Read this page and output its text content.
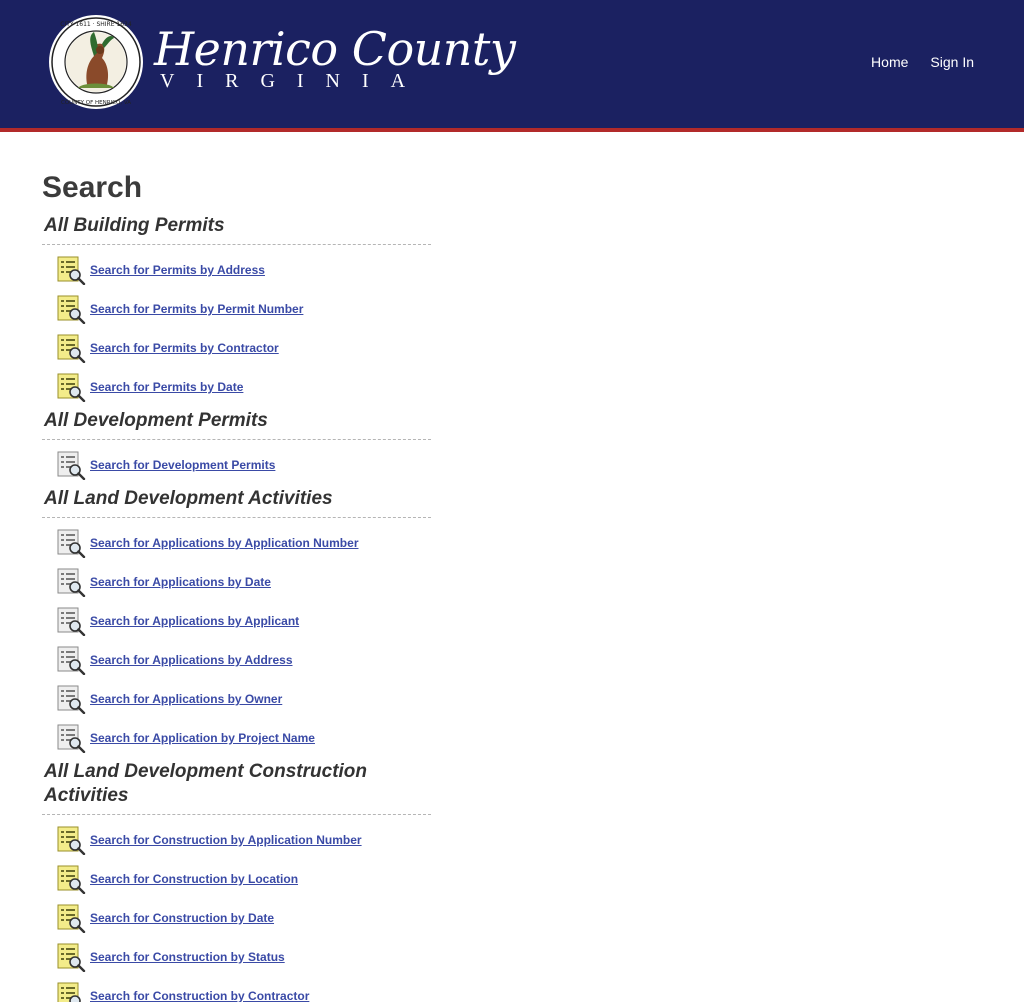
CITY 1611 · SHIRE 1634
COUNTY OF HENRICO, VA
Henrico County
VIRGINIA
Home Sign In
Search
All Building Permits
Search for Permits by Address
Search for Permits by Permit Number
Search for Permits by Contractor
Search for Permits by Date
All Development Permits
Search for Development Permits
All Land Development Activities
Search for Applications by Application Number
Search for Applications by Date
Search for Applications by Applicant
Search for Applications by Address
Search for Applications by Owner
Search for Application by Project Name
All Land Development Construction Activities
Search for Construction by Application Number
Search for Construction by Location
Search for Construction by Date
Search for Construction by Status
Search for Construction by Contractor
